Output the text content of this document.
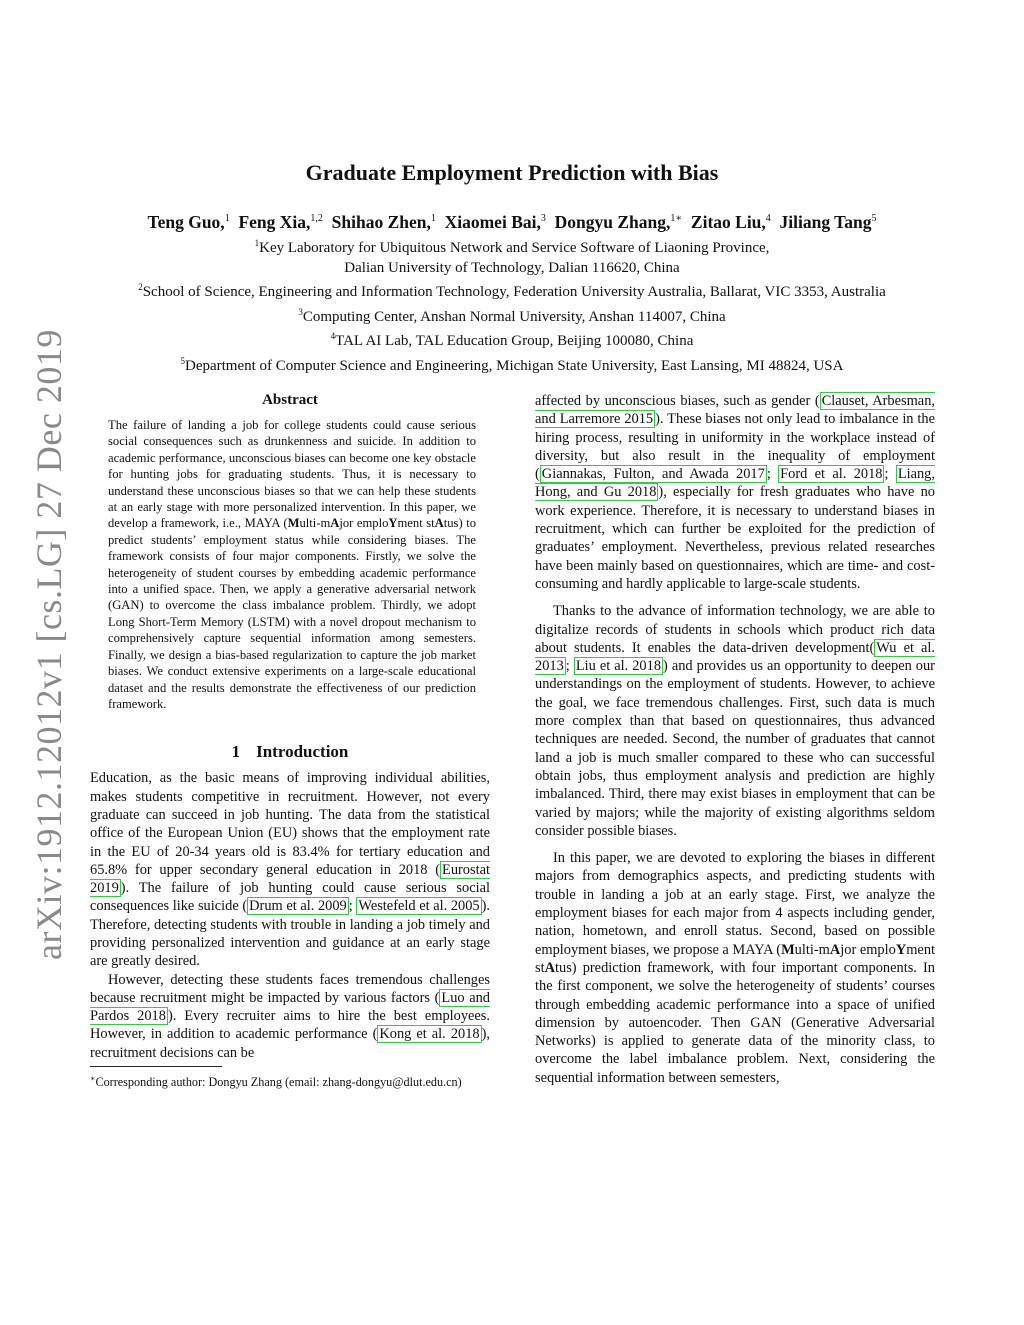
arXiv:1912.12012v1 [cs.LG] 27 Dec 2019
Graduate Employment Prediction with Bias
Teng Guo,$^1$ Feng Xia,$^{1,2}$ Shihao Zhen,$^1$ Xiaomei Bai,$^3$ Dongyu Zhang,$^{1∗}$ Zitao Liu,$^4$ Jiliang Tang$^5$
$^1$Key Laboratory for Ubiquitous Network and Service Software of Liaoning Province,
Dalian University of Technology, Dalian 116620, China
$^2$School of Science, Engineering and Information Technology, Federation University Australia, Ballarat, VIC 3353, Australia
$^3$Computing Center, Anshan Normal University, Anshan 114007, China
$^4$TAL AI Lab, TAL Education Group, Beijing 100080, China
$^5$Department of Computer Science and Engineering, Michigan State University, East Lansing, MI 48824, USA
Abstract
The failure of landing a job for college students could cause serious social consequences such as drunkenness and suicide. In addition to academic performance, unconscious biases can become one key obstacle for hunting jobs for graduating students. Thus, it is necessary to understand these unconscious biases so that we can help these students at an early stage with more personalized intervention. In this paper, we develop a framework, i.e., MAYA (Multi-mAjor emploYment stAtus) to predict students’ employment status while considering biases. The framework consists of four major components. Firstly, we solve the heterogeneity of student courses by embedding academic performance into a unified space. Then, we apply a generative adversarial network (GAN) to overcome the class imbalance problem. Thirdly, we adopt Long Short-Term Memory (LSTM) with a novel dropout mechanism to comprehensively capture sequential information among semesters. Finally, we design a bias-based regularization to capture the job market biases. We conduct extensive experiments on a large-scale educational dataset and the results demonstrate the effectiveness of our prediction framework.
1 Introduction

Education, as the basic means of improving individual abilities, makes students competitive in recruitment. However, not every graduate can succeed in job hunting. The data from the statistical office of the European Union (EU) shows that the employment rate in the EU of 20-34 years old is 83.4% for tertiary education and 65.8% for upper secondary general education in 2018 ( Eurostat 2019 ). The failure of job hunting could cause serious social consequences like suicide ( Drum et al. 2009 ; Westefeld et al. 2005 ). Therefore, detecting students with trouble in landing a job timely and providing personalized intervention and guidance at an early stage are greatly desired.

However, detecting these students faces tremendous challenges because recruitment might be impacted by various factors ( Luo and Pardos 2018 ). Every recruiter aims to hire the best employees. However, in addition to academic performance ( Kong et al. 2018 ), recruitment decisions can be

∗Corresponding author: Dongyu Zhang (email: zhang-dongyu@dlut.edu.cn)

affected by unconscious biases, such as gender ( Clauset, Arbesman, and Larremore 2015 ). These biases not only lead to imbalance in the hiring process, resulting in uniformity in the workplace instead of diversity, but also result in the inequality of employment ( Giannakas, Fulton, and Awada 2017 ; Ford et al. 2018 ; Liang, Hong, and Gu 2018 ), especially for fresh graduates who have no work experience. Therefore, it is necessary to understand biases in recruitment, which can further be exploited for the prediction of graduates’ employment. Nevertheless, previous related researches have been mainly based on questionnaires, which are time- and cost-consuming and hardly applicable to large-scale students.

Thanks to the advance of information technology, we are able to digitalize records of students in schools which product rich data about students. It enables the data-driven development( Wu et al. 2013 ; Liu et al. 2018 ) and provides us an opportunity to deepen our understandings on the employment of students. However, to achieve the goal, we face tremendous challenges. First, such data is much more complex than that based on questionnaires, thus advanced techniques are needed. Second, the number of graduates that cannot land a job is much smaller compared to these who can successful obtain jobs, thus employment analysis and prediction are highly imbalanced. Third, there may exist biases in employment that can be varied by majors; while the majority of existing algorithms seldom consider possible biases.

In this paper, we are devoted to exploring the biases in different majors from demographics aspects, and predicting students with trouble in landing a job at an early stage. First, we analyze the employment biases for each major from 4 aspects including gender, nation, hometown, and enroll status. Second, based on possible employment biases, we propose a MAYA (Multi-mAjor emploYment stAtus) prediction framework, with four important components. In the first component, we solve the heterogeneity of students’ courses through embedding academic performance into a space of unified dimension by autoencoder. Then GAN (Generative Adversarial Networks) is applied to generate data of the minority class, to overcome the label imbalance problem. Next, considering the sequential information between semesters,
